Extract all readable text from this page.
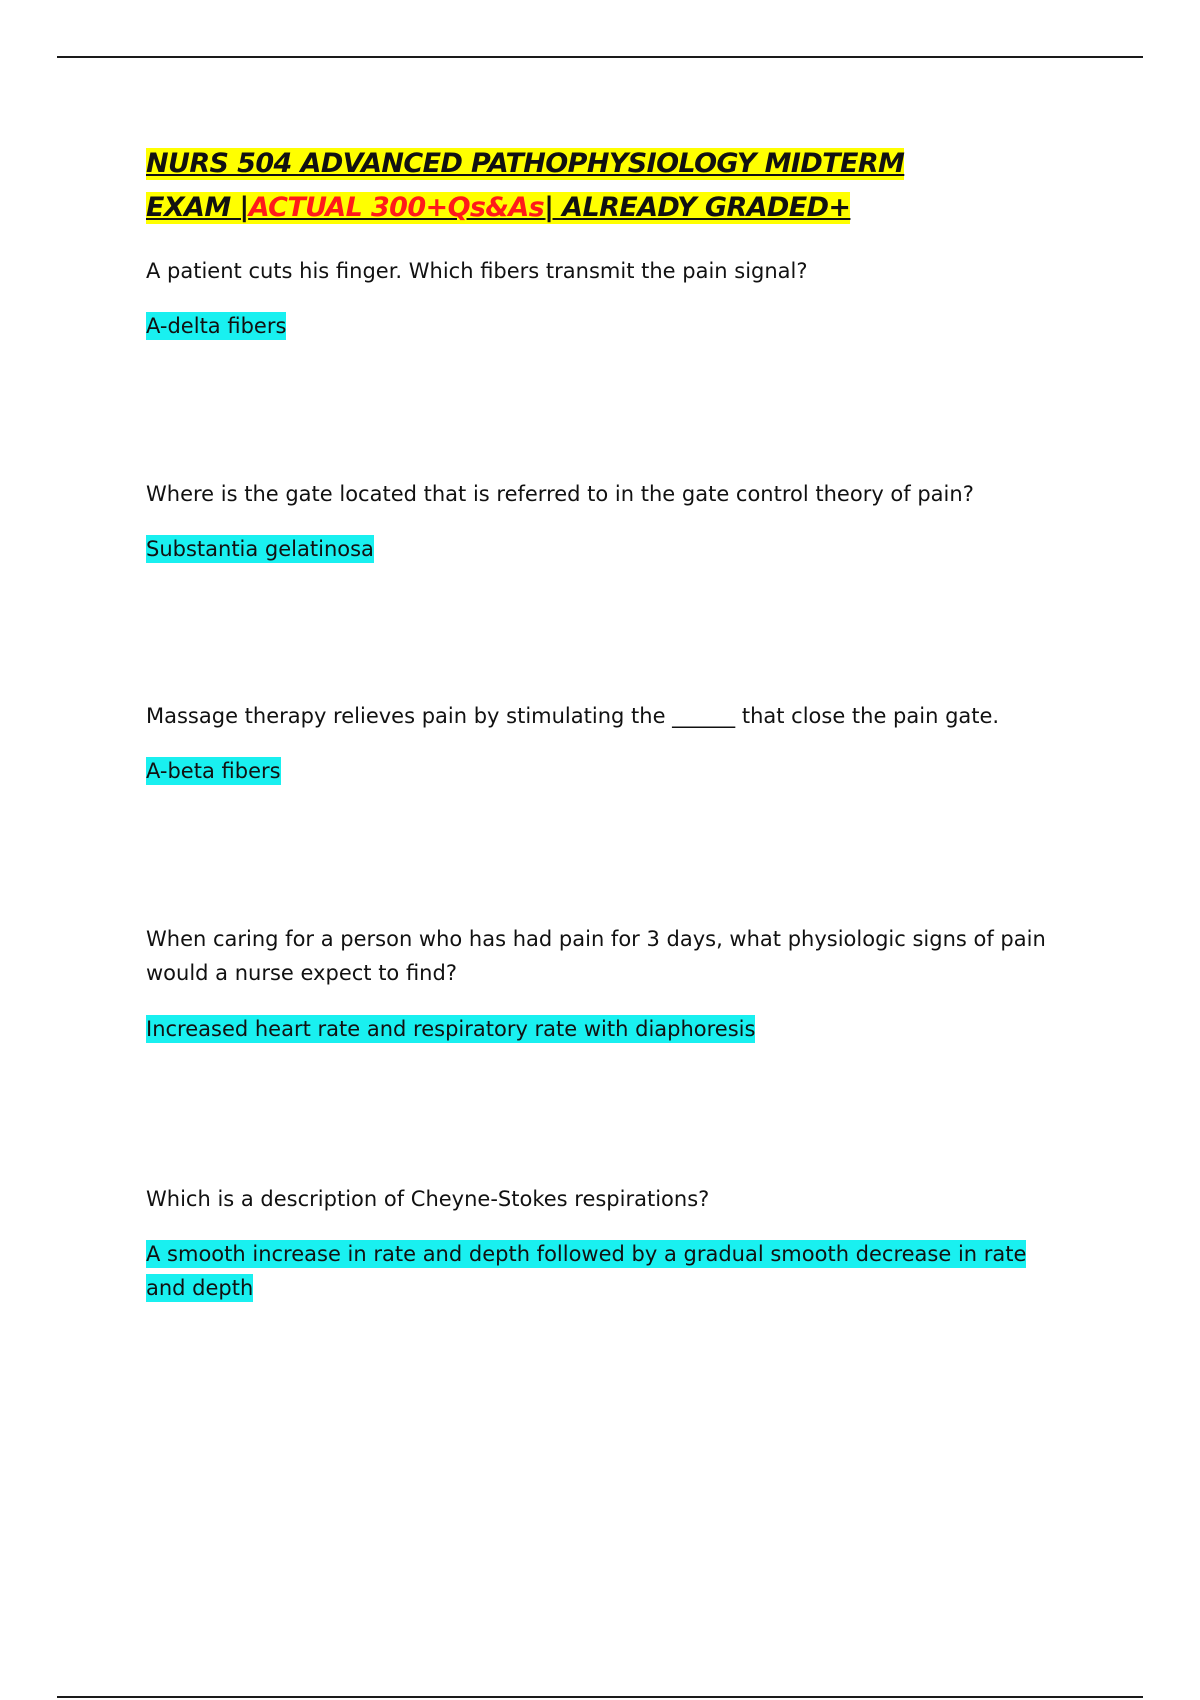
NURS 504 ADVANCED PATHOPHYSIOLOGY MIDTERM
EXAM |ACTUAL 300+Qs&As| ALREADY GRADED+

A patient cuts his finger. Which fibers transmit the pain signal?

A-delta fibers

Where is the gate located that is referred to in the gate control theory of pain?

Substantia gelatinosa

Massage therapy relieves pain by stimulating the ______ that close the pain gate.

A-beta fibers

When caring for a person who has had pain for 3 days, what physiologic signs of pain would a nurse expect to find?

Increased heart rate and respiratory rate with diaphoresis

Which is a description of Cheyne-Stokes respirations?

A smooth increase in rate and depth followed by a gradual smooth decrease in rate and depth
